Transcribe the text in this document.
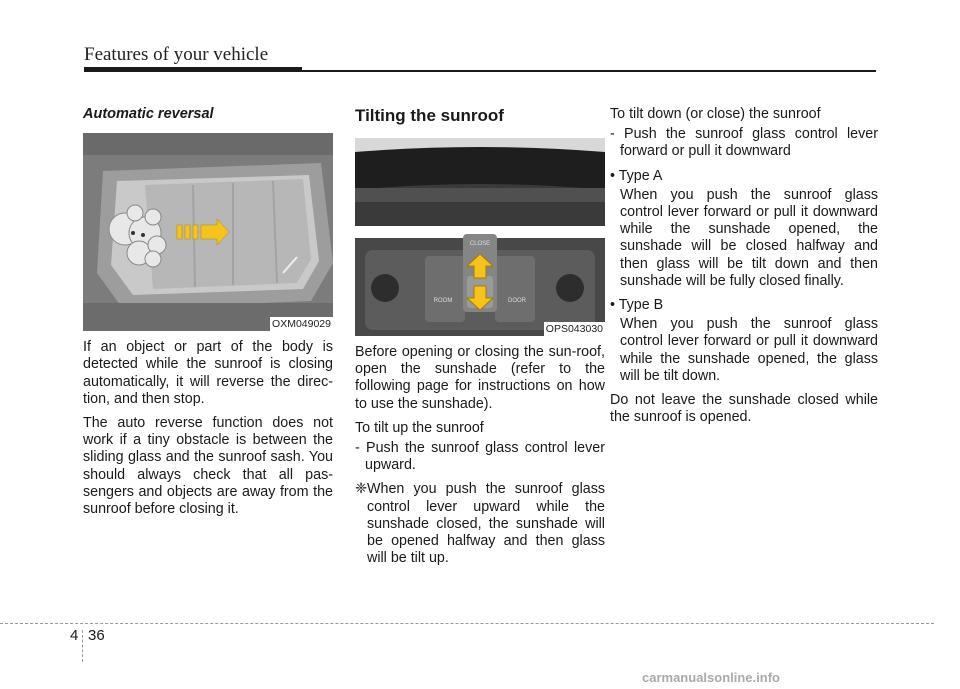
Features of your vehicle
Automatic reversal
OXM049029

If an object or part of the body is detected while the sunroof is closing automatically, it will reverse the direc-tion, and then stop.

The auto reverse function does not work if a tiny obstacle is between the sliding glass and the sunroof sash. You should always check that all pas-sengers and objects are away from the sunroof before closing it.

Tilting the sunroof
CLOSE
ROOM	DOOR
OPS043030

Before opening or closing the sun-roof, open the sunshade (refer to the following page for instructions on how to use the sunshade).

To tilt up the sunroof

- Push the sunroof glass control lever upward.

❈ When you push the sunroof glass control lever upward while the sunshade closed, the sunshade will be opened halfway and then glass will be tilt up.

To tilt down (or close) the sunroof

- Push the sunroof glass control lever forward or pull it downward

• Type A

When you push the sunroof glass control lever forward or pull it downward while the sunshade opened, the sunshade will be closed halfway and then glass will be tilt down and then sunshade will be fully closed finally.

• Type B

When you push the sunroof glass control lever forward or pull it downward while the sunshade opened, the glass will be tilt down.

Do not leave the sunshade closed while the sunroof is opened.

4 36
carmanualsonline.info
